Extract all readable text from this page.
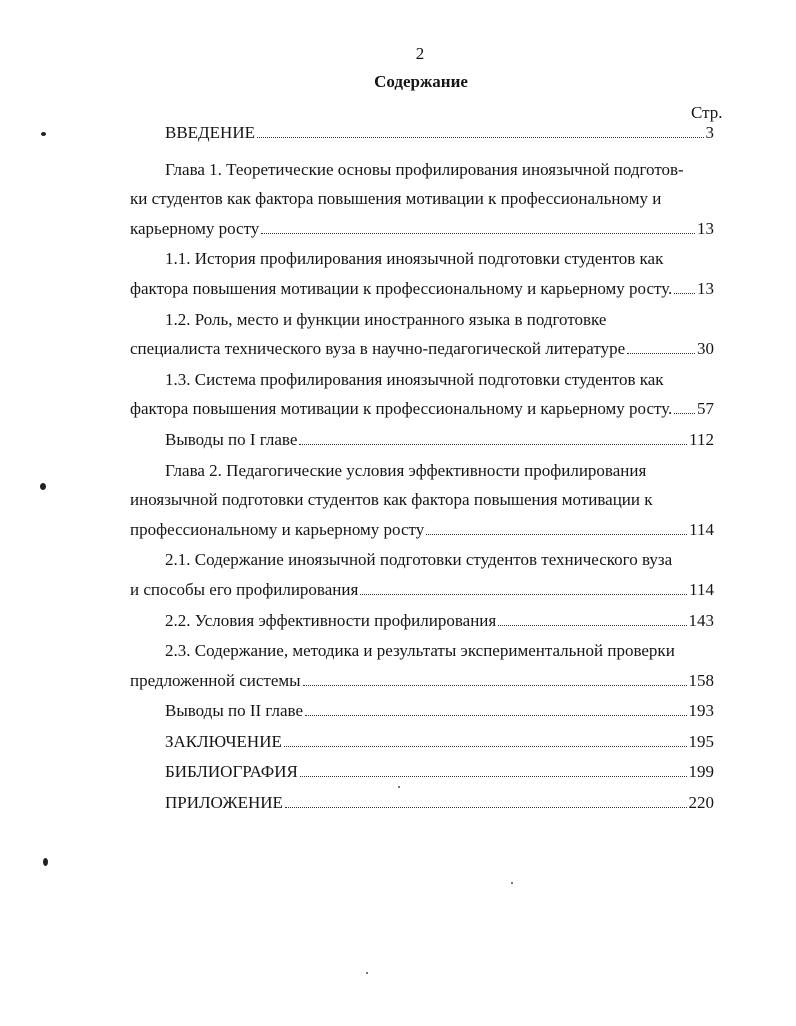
2
Содержание
Стр.
ВВЕДЕНИЕ	3
Глава 1. Теоретические основы профилирования иноязычной подготов-
ки студентов как фактора повышения мотивации к профессиональному и
карьерному росту	13
1.1. История профилирования иноязычной подготовки студентов как
фактора повышения мотивации к профессиональному и карьерному росту. 13
1.2. Роль, место и функции иностранного языка в подготовке
специалиста технического вуза в научно-педагогической литературе	30
1.3. Система профилирования иноязычной подготовки студентов как
фактора повышения мотивации к профессиональному и карьерному росту. 57
Выводы по I главе	112
Глава 2. Педагогические условия эффективности профилирования
иноязычной подготовки студентов как фактора повышения мотивации к
профессиональному и карьерному росту	114
2.1. Содержание иноязычной подготовки студентов технического вуза
и способы его профилирования	114
2.2. Условия эффективности профилирования	143
2.3. Содержание, методика и результаты экспериментальной проверки
предложенной системы	158
Выводы по II главе	193
ЗАКЛЮЧЕНИЕ	195
БИБЛИОГРАФИЯ	199
ПРИЛОЖЕНИЕ	220
